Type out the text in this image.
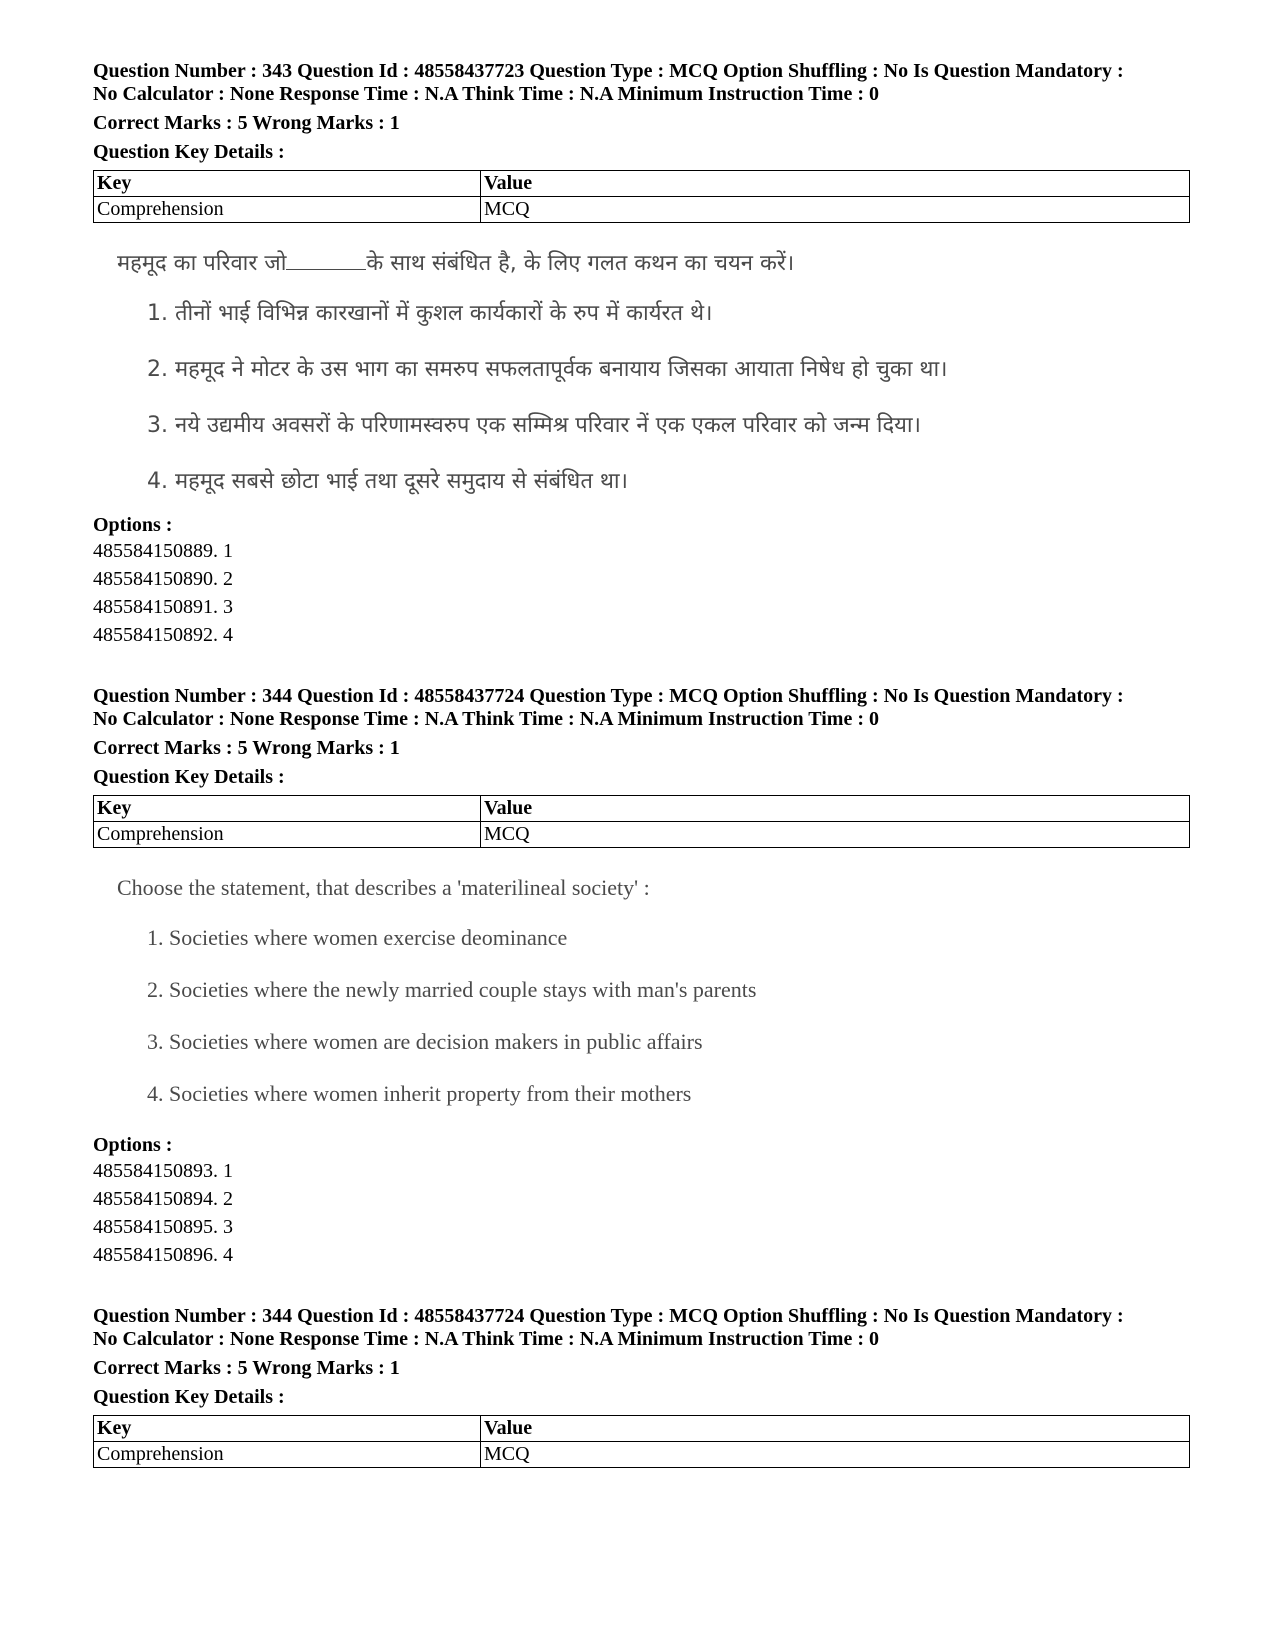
Question Number : 343 Question Id : 48558437723 Question Type : MCQ Option Shuffling : No Is Question Mandatory :
No Calculator : None Response Time : N.A Think Time : N.A Minimum Instruction Time : 0
Correct Marks : 5 Wrong Marks : 1
Question Key Details :
Key	Value
Comprehension	MCQ
महमूद का परिवार जो	के साथ संबंधित है, के लिए गलत कथन का चयन करें।
1. तीनों भाई विभिन्न कारखानों में कुशल कार्यकारों के रुप में कार्यरत थे।
2. महमूद ने मोटर के उस भाग का समरुप सफलतापूर्वक बनायाय जिसका आयाता निषेध हो चुका था।
3. नये उद्यमीय अवसरों के परिणामस्वरुप एक सम्मिश्र परिवार नें एक एकल परिवार को जन्म दिया।
4. महमूद सबसे छोटा भाई तथा दूसरे समुदाय से संबंधित था।
Options :
485584150889. 1
485584150890. 2
485584150891. 3
485584150892. 4
Question Number : 344 Question Id : 48558437724 Question Type : MCQ Option Shuffling : No Is Question Mandatory :
No Calculator : None Response Time : N.A Think Time : N.A Minimum Instruction Time : 0
Correct Marks : 5 Wrong Marks : 1
Question Key Details :
Key	Value
Comprehension	MCQ
Choose the statement, that describes a 'materilineal society' :
1. Societies where women exercise deominance
2. Societies where the newly married couple stays with man's parents
3. Societies where women are decision makers in public affairs
4. Societies where women inherit property from their mothers
Options :
485584150893. 1
485584150894. 2
485584150895. 3
485584150896. 4
Question Number : 344 Question Id : 48558437724 Question Type : MCQ Option Shuffling : No Is Question Mandatory :
No Calculator : None Response Time : N.A Think Time : N.A Minimum Instruction Time : 0
Correct Marks : 5 Wrong Marks : 1
Question Key Details :
Key	Value
Comprehension	MCQ
